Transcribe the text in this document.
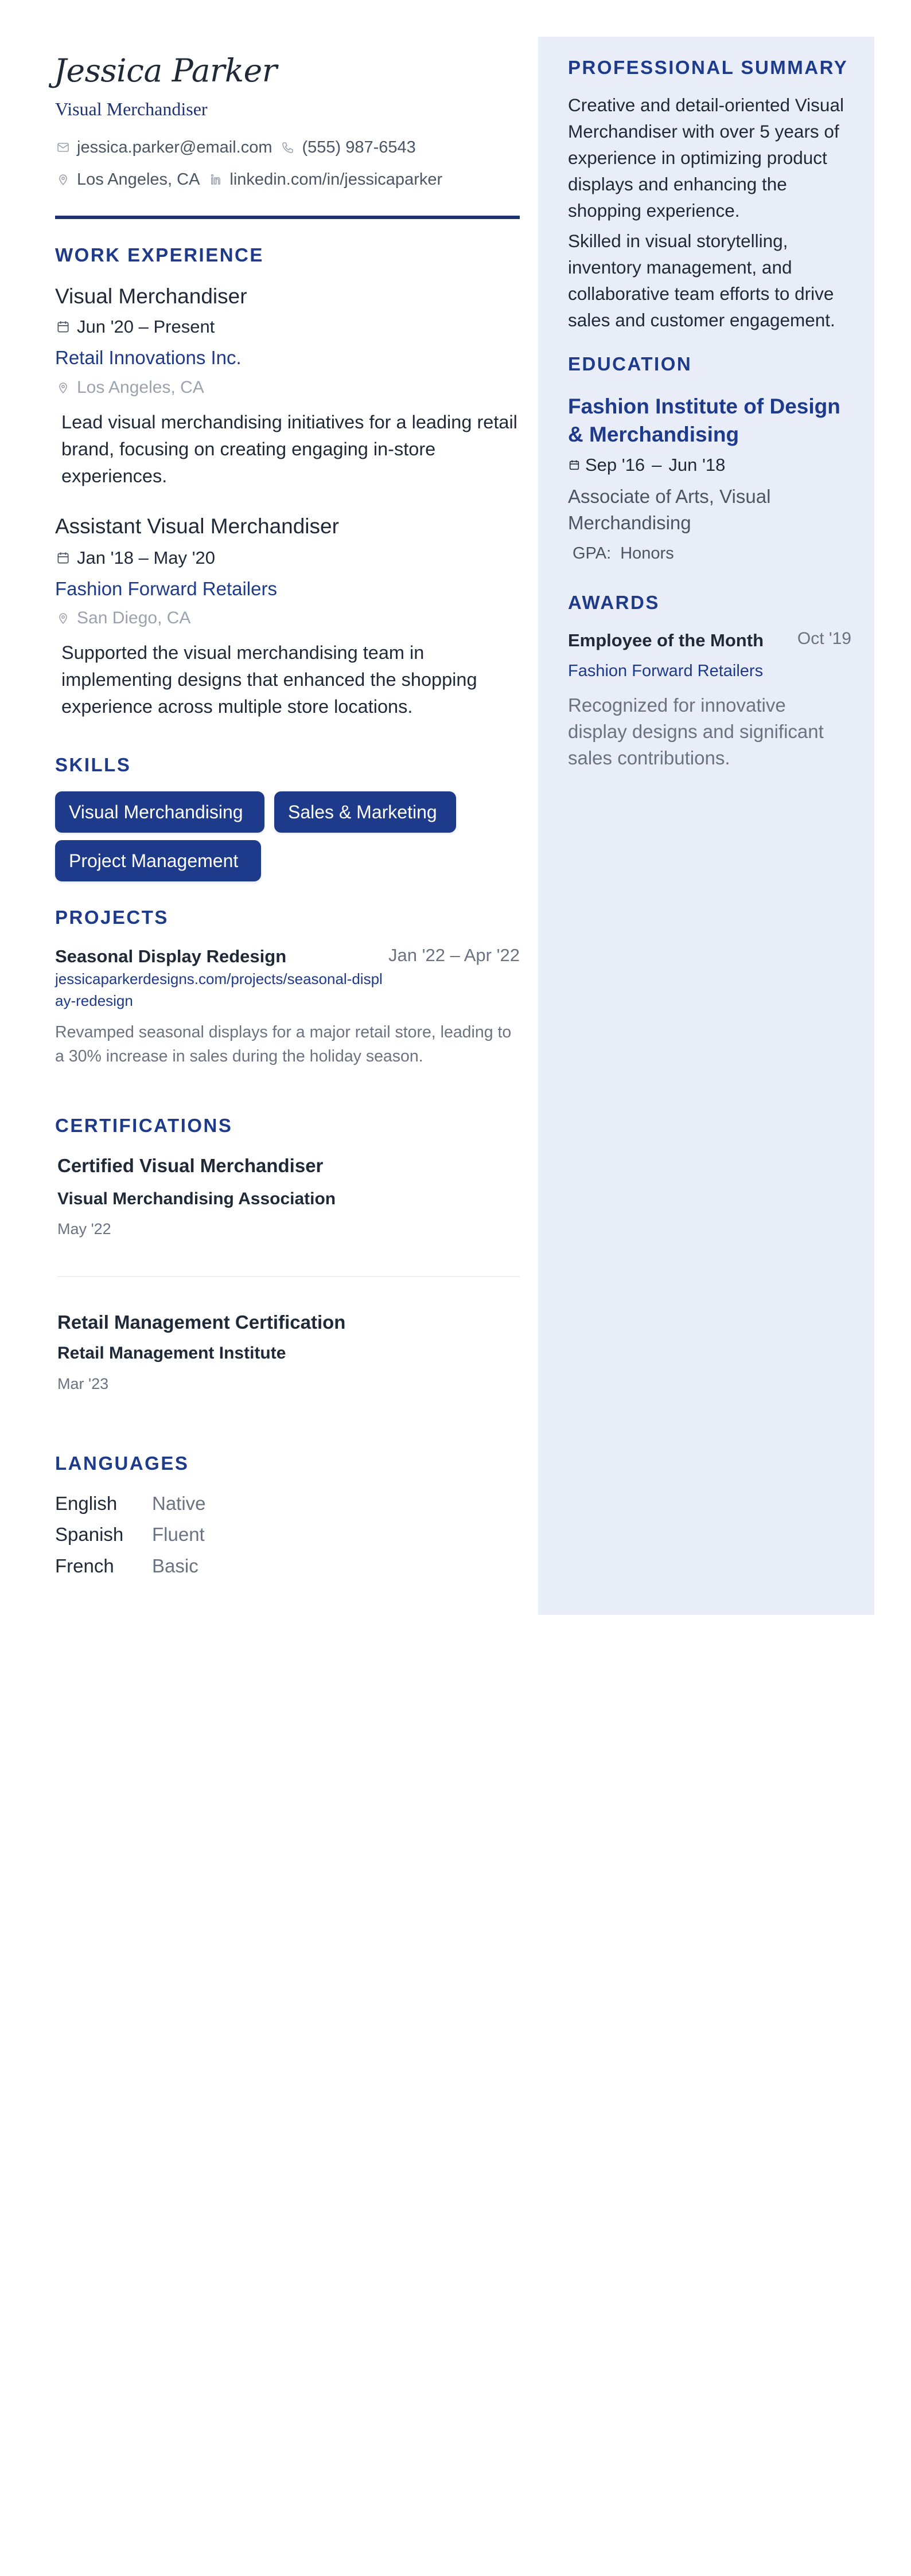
Jessica Parker
Visual Merchandiser
jessica.parker@email.com (555) 987-6543
Los Angeles, CA linkedin.com/in/jessicaparker
WORK EXPERIENCE
Visual Merchandiser
Jun '20 – Present
Retail Innovations Inc.
Los Angeles, CA
Lead visual merchandising initiatives for a leading retail brand, focusing on creating engaging in-store experiences.
Assistant Visual Merchandiser
Jan '18 – May '20
Fashion Forward Retailers
San Diego, CA
Supported the visual merchandising team in implementing designs that enhanced the shopping experience across multiple store locations.
SKILLS
Visual Merchandising	Sales & Marketing
Project Management
PROJECTS
Seasonal Display Redesign	Jan '22 – Apr '22
jessicaparkerdesigns.com/projects/seasonal-display-redesign
Revamped seasonal displays for a major retail store, leading to a 30% increase in sales during the holiday season.
CERTIFICATIONS
Certified Visual Merchandiser
Visual Merchandising Association
May '22
Retail Management Certification
Retail Management Institute
Mar '23
LANGUAGES
English Native
Spanish Fluent
French Basic
PROFESSIONAL SUMMARY
Creative and detail-oriented Visual Merchandiser with over 5 years of experience in optimizing product displays and enhancing the shopping experience.
Skilled in visual storytelling, inventory management, and collaborative team efforts to drive sales and customer engagement.
EDUCATION
Fashion Institute of Design & Merchandising
Sep '16 – Jun '18
Associate of Arts, Visual Merchandising
GPA: Honors
AWARDS
Employee of the Month Oct '19
Fashion Forward Retailers
Recognized for innovative display designs and significant sales contributions.
